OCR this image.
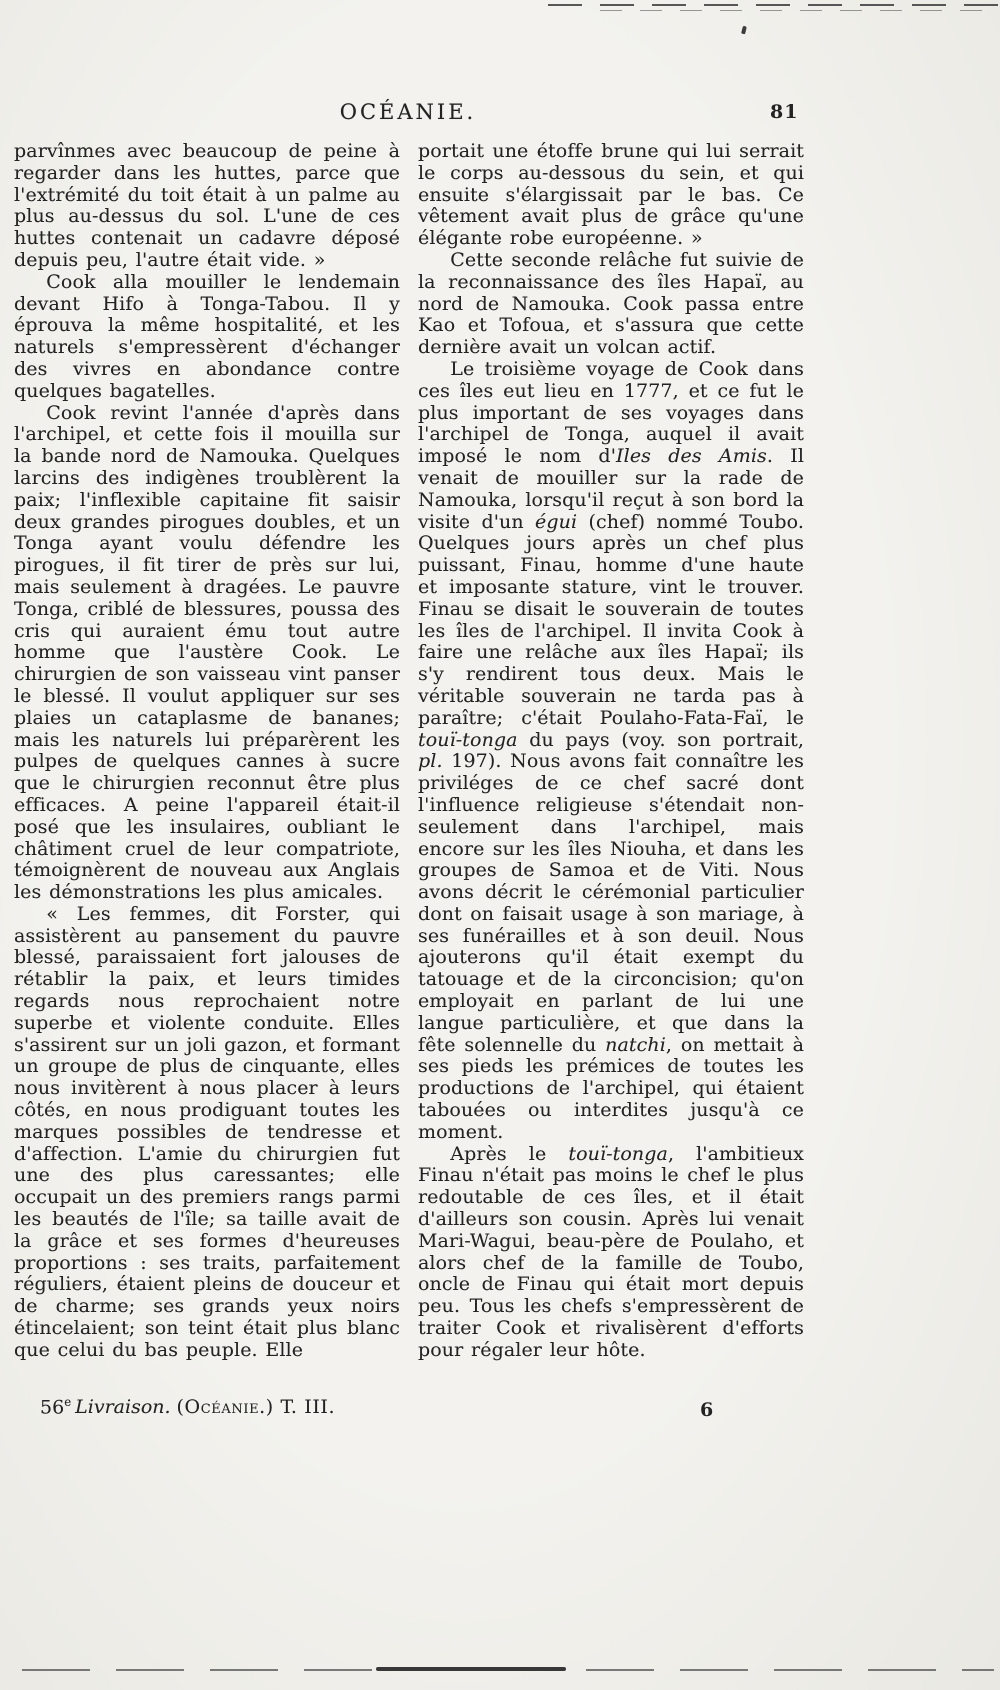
OCÉANIE.	81

parvînmes avec beaucoup de peine à regarder dans les huttes, parce que l'extrémité du toit était à un palme au plus au-dessus du sol. L'une de ces huttes contenait un cadavre déposé depuis peu, l'autre était vide. »

Cook alla mouiller le lendemain devant Hifo à Tonga-Tabou. Il y éprouva la même hospitalité, et les naturels s'empressèrent d'échanger des vivres en abondance contre quelques bagatelles.

Cook revint l'année d'après dans l'archipel, et cette fois il mouilla sur la bande nord de Namouka. Quelques larcins des indigènes troublèrent la paix; l'inflexible capitaine fit saisir deux grandes pirogues doubles, et un Tonga ayant voulu défendre les pirogues, il fit tirer de près sur lui, mais seulement à dragées. Le pauvre Tonga, criblé de blessures, poussa des cris qui auraient ému tout autre homme que l'austère Cook. Le chirurgien de son vaisseau vint panser le blessé. Il voulut appliquer sur ses plaies un cataplasme de bananes; mais les naturels lui préparèrent les pulpes de quelques cannes à sucre que le chirurgien reconnut être plus efficaces. A peine l'appareil était-il posé que les insulaires, oubliant le châtiment cruel de leur compatriote, témoignèrent de nouveau aux Anglais les démonstrations les plus amicales.

« Les femmes, dit Forster, qui assistèrent au pansement du pauvre blessé, paraissaient fort jalouses de rétablir la paix, et leurs timides regards nous reprochaient notre superbe et violente conduite. Elles s'assirent sur un joli gazon, et formant un groupe de plus de cinquante, elles nous invitèrent à nous placer à leurs côtés, en nous prodiguant toutes les marques possibles de tendresse et d'affection. L'amie du chirurgien fut une des plus caressantes; elle occupait un des premiers rangs parmi les beautés de l'île; sa taille avait de la grâce et ses formes d'heureuses proportions : ses traits, parfaitement réguliers, étaient pleins de douceur et de charme; ses grands yeux noirs étincelaient; son teint était plus blanc que celui du bas peuple. Elle

portait une étoffe brune qui lui serrait le corps au-dessous du sein, et qui ensuite s'élargissait par le bas. Ce vêtement avait plus de grâce qu'une élégante robe européenne. »

Cette seconde relâche fut suivie de la reconnaissance des îles Hapaï, au nord de Namouka. Cook passa entre Kao et Tofoua, et s'assura que cette dernière avait un volcan actif.

Le troisième voyage de Cook dans ces îles eut lieu en 1777, et ce fut le plus important de ses voyages dans l'archipel de Tonga, auquel il avait imposé le nom d'Iles des Amis. Il venait de mouiller sur la rade de Namouka, lorsqu'il reçut à son bord la visite d'un égui (chef) nommé Toubo. Quelques jours après un chef plus puissant, Finau, homme d'une haute et imposante stature, vint le trouver. Finau se disait le souverain de toutes les îles de l'archipel. Il invita Cook à faire une relâche aux îles Hapaï; ils s'y rendirent tous deux. Mais le véritable souverain ne tarda pas à paraître; c'était Poulaho-Fata-Faï, le touï-tonga du pays (voy. son portrait, pl. 197). Nous avons fait connaître les priviléges de ce chef sacré dont l'influence religieuse s'étendait non-seulement dans l'archipel, mais encore sur les îles Niouha, et dans les groupes de Samoa et de Viti. Nous avons décrit le cérémonial particulier dont on faisait usage à son mariage, à ses funérailles et à son deuil. Nous ajouterons qu'il était exempt du tatouage et de la circoncision; qu'on employait en parlant de lui une langue particulière, et que dans la fête solennelle du natchi, on mettait à ses pieds les prémices de toutes les productions de l'archipel, qui étaient tabouées ou interdites jusqu'à ce moment.

Après le touï-tonga, l'ambitieux Finau n'était pas moins le chef le plus redoutable de ces îles, et il était d'ailleurs son cousin. Après lui venait Mari-Wagui, beau-père de Poulaho, et alors chef de la famille de Toubo, oncle de Finau qui était mort depuis peu. Tous les chefs s'empressèrent de traiter Cook et rivalisèrent d'efforts pour régaler leur hôte.

56e Livraison. (Océanie.) T. III.	6
